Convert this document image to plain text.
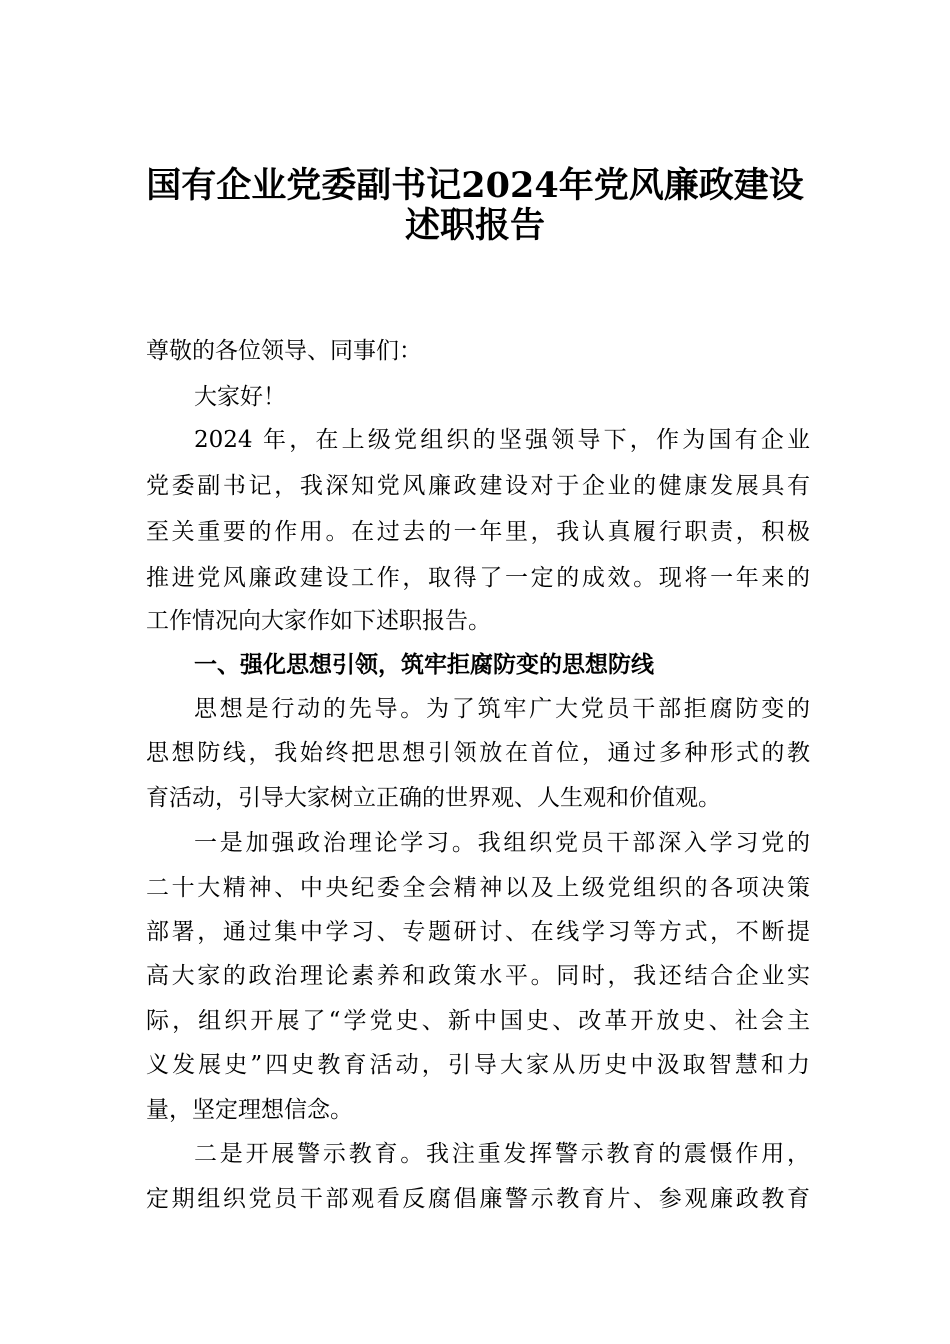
国有企业党委副书记2024年党风廉政建设
述职报告
尊敬的各位领导、同事们：
大家好！
2024 年，在上级党组织的坚强领导下，作为国有企业
党委副书记，我深知党风廉政建设对于企业的健康发展具有
至关重要的作用。在过去的一年里，我认真履行职责，积极
推进党风廉政建设工作，取得了一定的成效。现将一年来的
工作情况向大家作如下述职报告。
一、强化思想引领，筑牢拒腐防变的思想防线
思想是行动的先导。为了筑牢广大党员干部拒腐防变的
思想防线，我始终把思想引领放在首位，通过多种形式的教
育活动，引导大家树立正确的世界观、人生观和价值观。
一是加强政治理论学习。我组织党员干部深入学习党的
二十大精神、中央纪委全会精神以及上级党组织的各项决策
部署，通过集中学习、专题研讨、在线学习等方式，不断提
高大家的政治理论素养和政策水平。同时，我还结合企业实
际，组织开展了“学党史、新中国史、改革开放史、社会主
义发展史”四史教育活动，引导大家从历史中汲取智慧和力
量，坚定理想信念。
二是开展警示教育。我注重发挥警示教育的震慑作用，
定期组织党员干部观看反腐倡廉警示教育片、参观廉政教育
